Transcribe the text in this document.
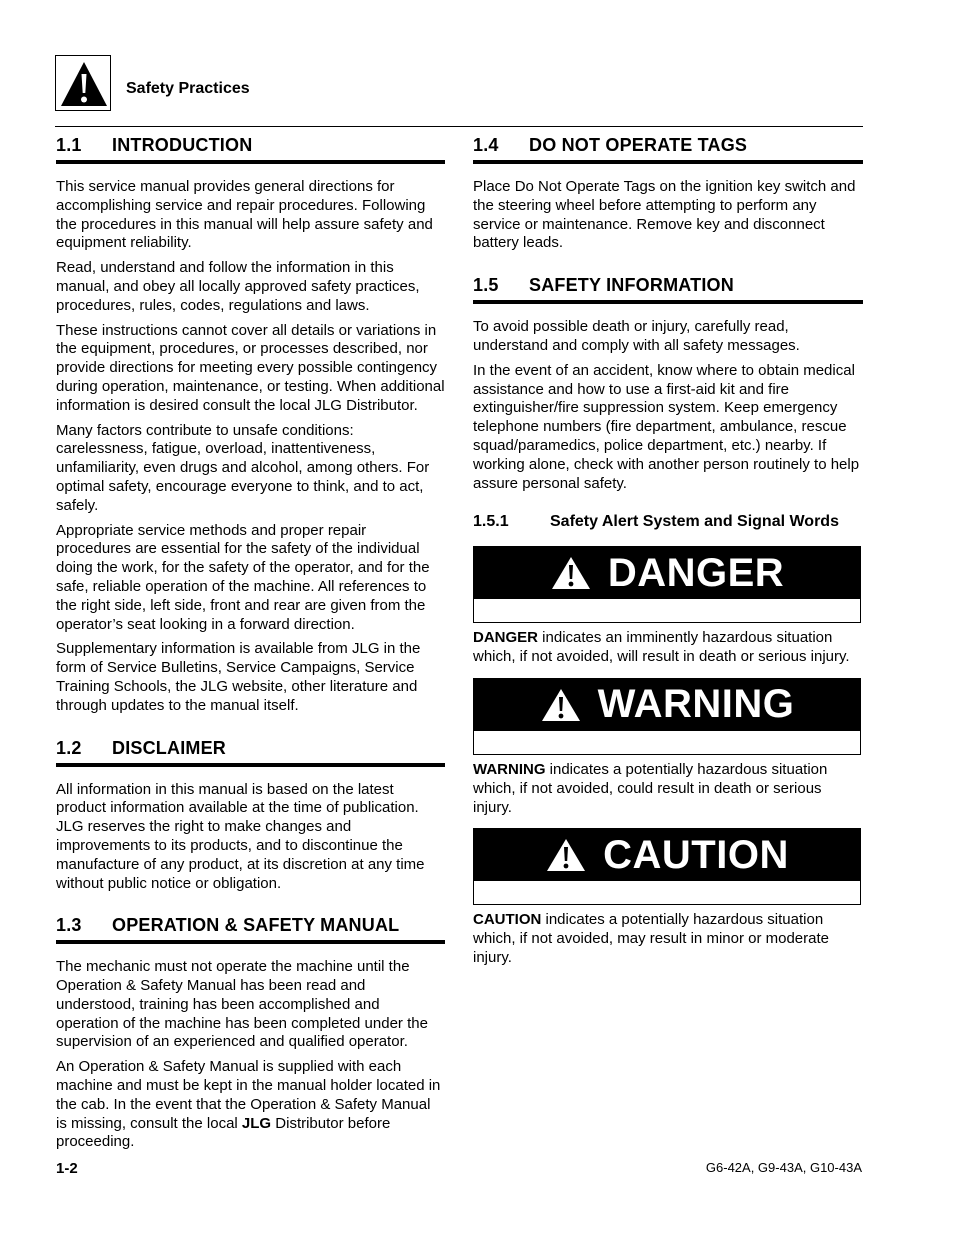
Safety Practices
1.1	INTRODUCTION

This service manual provides general directions for accomplishing service and repair procedures. Following the procedures in this manual will help assure safety and equipment reliability.

Read, understand and follow the information in this manual, and obey all locally approved safety practices, procedures, rules, codes, regulations and laws.

These instructions cannot cover all details or variations in the equipment, procedures, or processes described, nor provide directions for meeting every possible contingency during operation, maintenance, or testing. When additional information is desired consult the local JLG Distributor.

Many factors contribute to unsafe conditions: carelessness, fatigue, overload, inattentiveness, unfamiliarity, even drugs and alcohol, among others. For optimal safety, encourage everyone to think, and to act, safely.

Appropriate service methods and proper repair procedures are essential for the safety of the individual doing the work, for the safety of the operator, and for the safe, reliable operation of the machine. All references to the right side, left side, front and rear are given from the operator’s seat looking in a forward direction.

Supplementary information is available from JLG in the form of Service Bulletins, Service Campaigns, Service Training Schools, the JLG website, other literature and through updates to the manual itself.

1.2	DISCLAIMER

All information in this manual is based on the latest product information available at the time of publication. JLG reserves the right to make changes and improvements to its products, and to discontinue the manufacture of any product, at its discretion at any time without public notice or obligation.

1.3	OPERATION & SAFETY MANUAL

The mechanic must not operate the machine until the Operation & Safety Manual has been read and understood, training has been accomplished and operation of the machine has been completed under the supervision of an experienced and qualified operator.

An Operation & Safety Manual is supplied with each machine and must be kept in the manual holder located in the cab. In the event that the Operation & Safety Manual is missing, consult the local JLG Distributor before proceeding.

1.4	DO NOT OPERATE TAGS

Place Do Not Operate Tags on the ignition key switch and the steering wheel before attempting to perform any service or maintenance. Remove key and disconnect battery leads.

1.5	SAFETY INFORMATION

To avoid possible death or injury, carefully read, understand and comply with all safety messages.

In the event of an accident, know where to obtain medical assistance and how to use a first-aid kit and fire extinguisher/fire suppression system. Keep emergency telephone numbers (fire department, ambulance, rescue squad/paramedics, police department, etc.) nearby. If working alone, check with another person routinely to help assure personal safety.

1.5.1	Safety Alert System and Signal Words
DANGER

DANGER indicates an imminently hazardous situation which, if not avoided, will result in death or serious injury.

WARNING

WARNING indicates a potentially hazardous situation which, if not avoided, could result in death or serious injury.

CAUTION

CAUTION indicates a potentially hazardous situation which, if not avoided, may result in minor or moderate injury.

1-2	G6-42A, G9-43A, G10-43A
